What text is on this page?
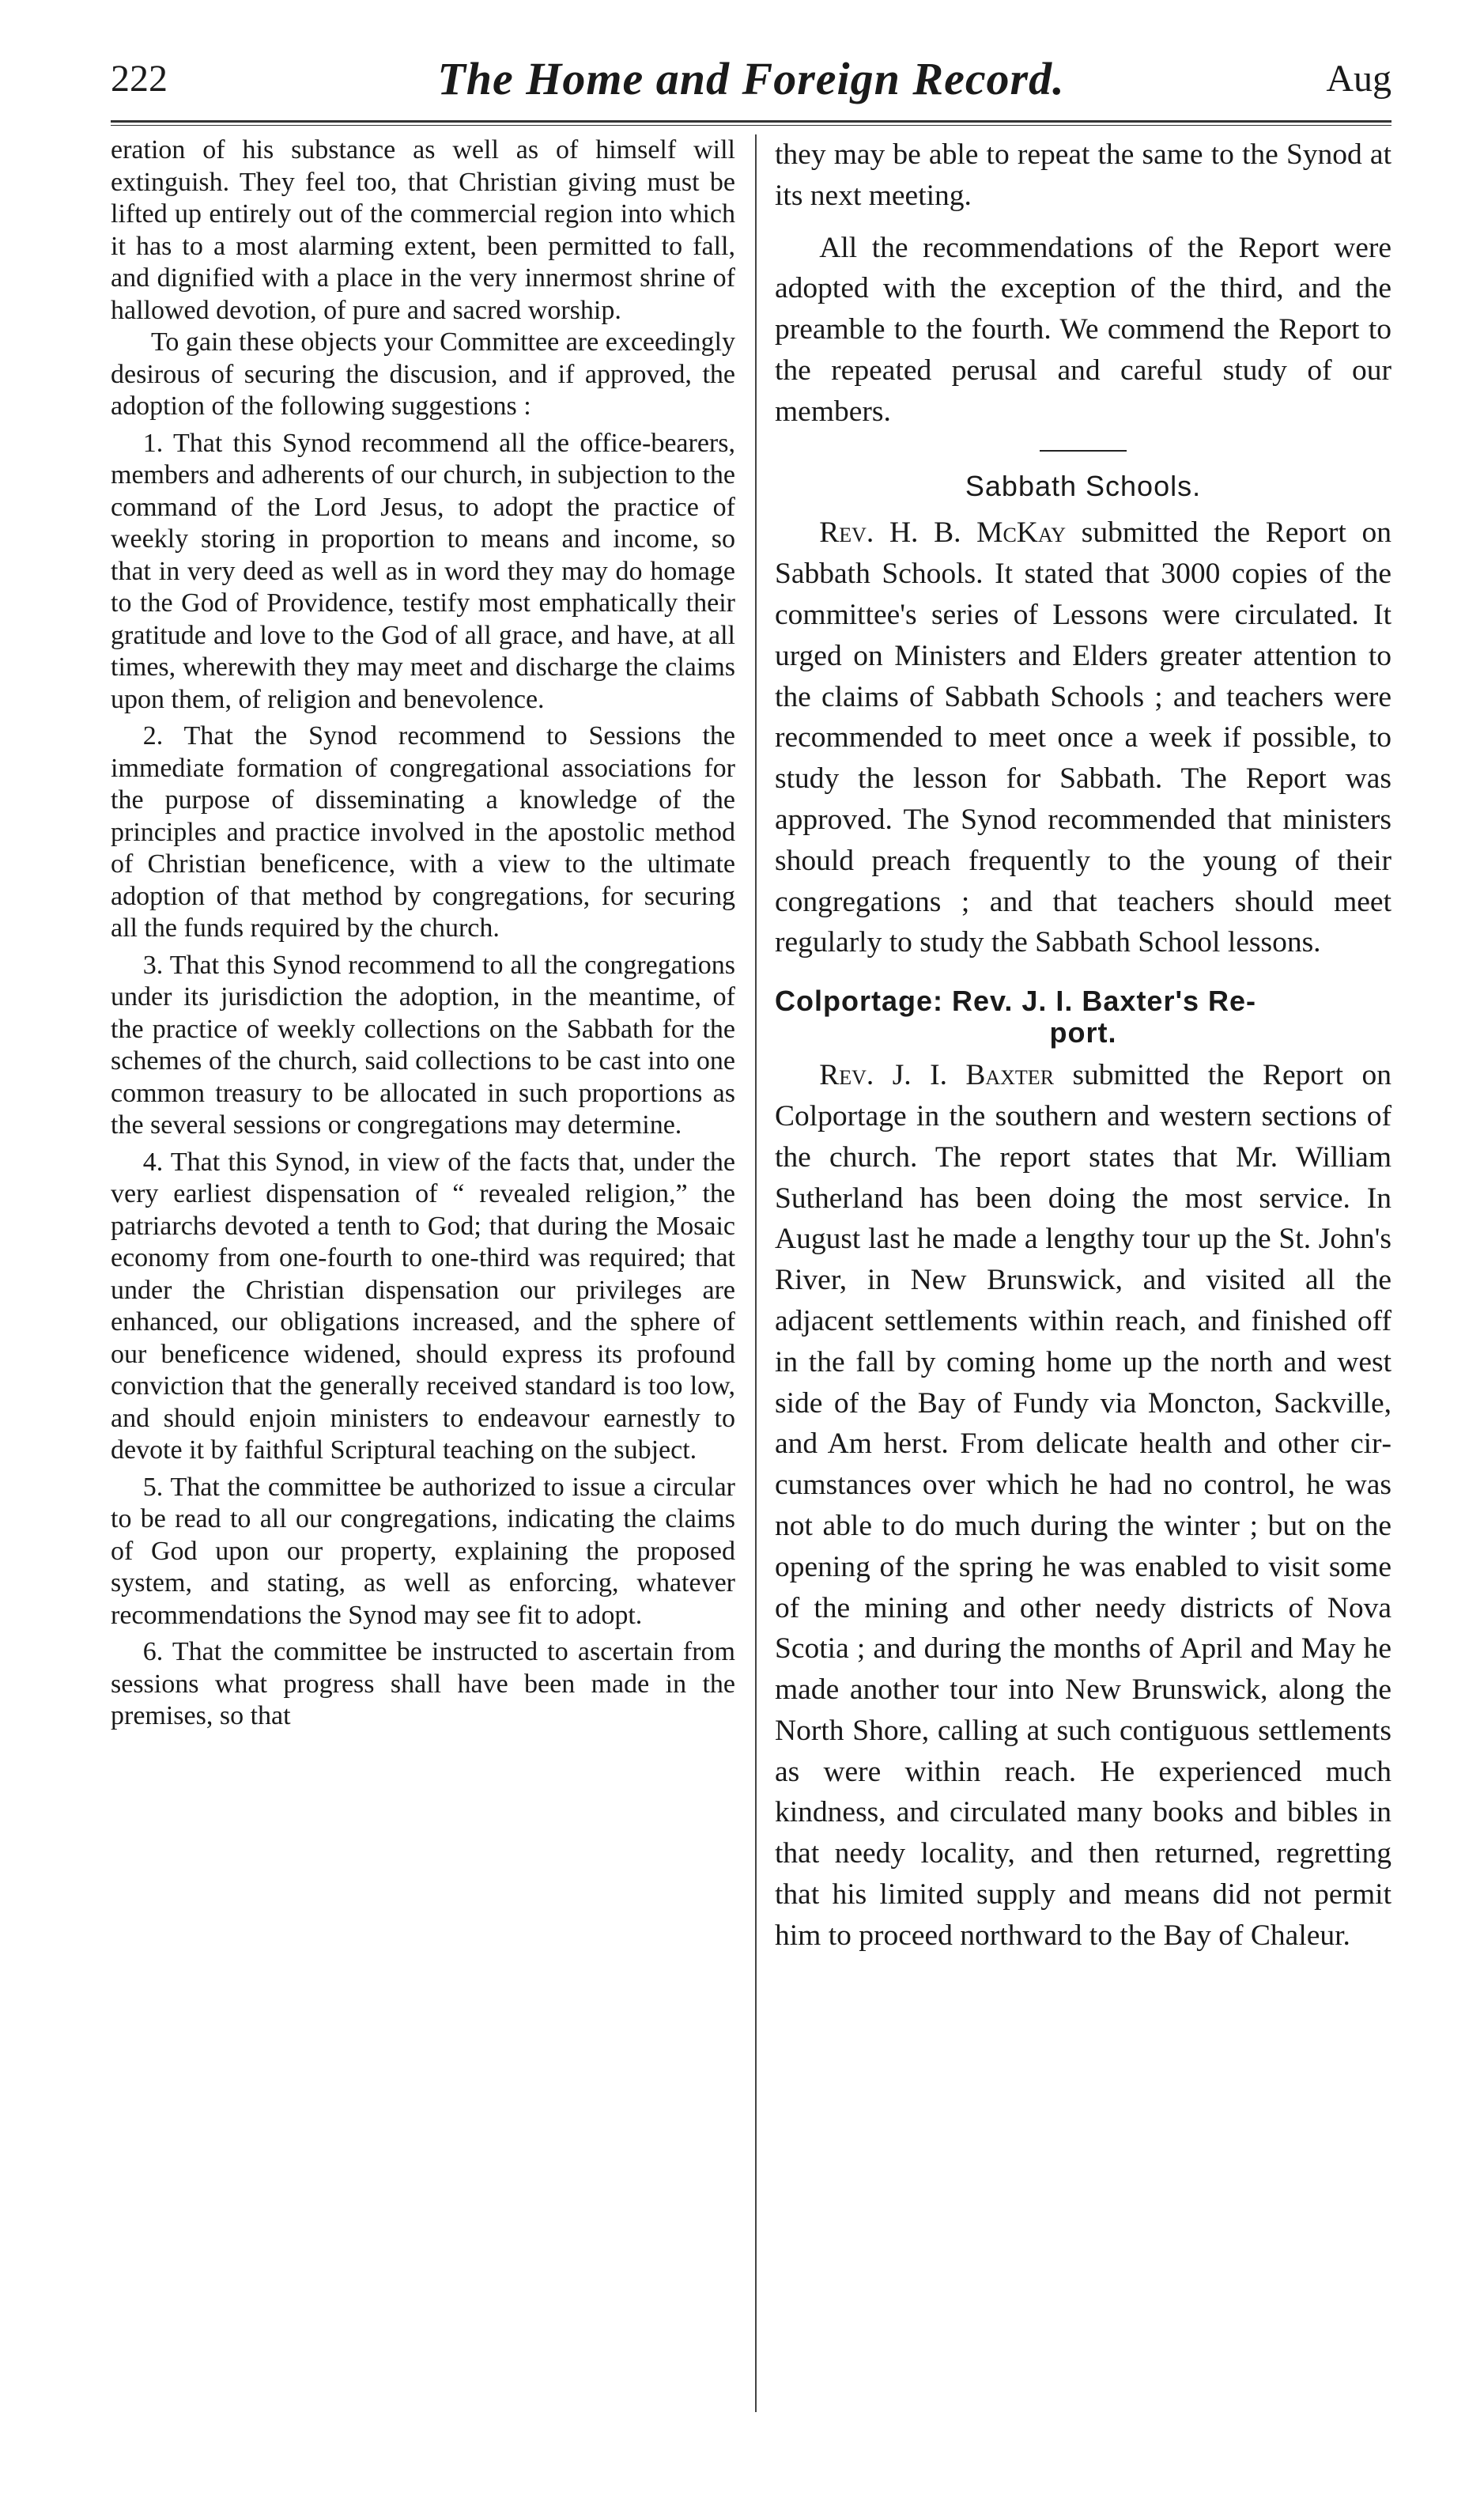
222	The Home and Foreign Record.	Aug

eration of his substance as well as of himself will extinguish. They feel too, that Christian giving must be lifted up entirely out of the commercial region into which it has to a most alarming extent, been permitted to fall, and dignified with a place in the very innermost shrine of hallowed devotion, of pure and sacred worship.

To gain these objects your Committee are exceedingly desirous of securing the discusion, and if approved, the adoption of the following suggestions :

1. That this Synod recommend all the office-bearers, members and adherents of our church, in subjection to the command of the Lord Jesus, to adopt the practice of weekly storing in proportion to means and income, so that in very deed as well as in word they may do homage to the God of Providence, testify most emphatically their gratitude and love to the God of all grace, and have, at all times, wherewith they may meet and discharge the claims upon them, of religion and benevolence.

2. That the Synod recommend to Sessions the immediate formation of congregational associations for the purpose of disseminating a knowledge of the principles and practice involved in the apostolic method of Christian beneficence, with a view to the ultimate adoption of that method by congregations, for securing all the funds required by the church.

3. That this Synod recommend to all the congregations under its jurisdiction the adoption, in the meantime, of the practice of weekly collections on the Sabbath for the schemes of the church, said collections to be cast into one common treasury to be allocated in such proportions as the several sessions or congregations may determine.

4. That this Synod, in view of the facts that, under the very earliest dispensation of “ revealed religion,” the patriarchs devoted a tenth to God; that during the Mosaic economy from one-fourth to one-third was required; that under the Christian dispensation our privileges are enhanced, our obligations increased, and the sphere of our beneficence widened, should express its profound conviction that the generally received standard is too low, and should enjoin ministers to endeavour earnestly to devote it by faithful Scriptural teaching on the subject.

5. That the committee be authorized to issue a circular to be read to all our congregations, indicating the claims of God upon our property, explaining the proposed system, and stating, as well as enforcing, whatever recommendations the Synod may see fit to adopt.

6. That the committee be instructed to ascertain from sessions what progress shall have been made in the premises, so that

they may be able to repeat the same to the Synod at its next meeting.

All the recommendations of the Report were adopted with the exception of the third, and the preamble to the fourth. We commend the Report to the repeated perusal and careful study of our members.

Sabbath Schools.

Rev. H. B. McKay submitted the Report on Sabbath Schools. It stated that 3000 copies of the committee's series of Lessons were circulated. It urged on Ministers and Elders greater attention to the claims of Sabbath Schools ; and teachers were recommended to meet once a week if possible, to study the lesson for Sabbath. The Report was approved. The Synod recommended that ministers should preach frequently to the young of their congregations ; and that teachers should meet regularly to study the Sabbath School lessons.

Colportage: Rev. J. I. Baxter's Re-
port.

Rev. J. I. Baxter submitted the Report on Colportage in the southern and western sections of the church. The report states that Mr. William Sutherland has been doing the most service. In August last he made a lengthy tour up the St. John's River, in New Brunswick, and visited all the adjacent settlements within reach, and finished off in the fall by coming home up the north and west side of the Bay of Fundy via Moncton, Sackville, and Am herst. From delicate health and other circumstances over which he had no control, he was not able to do much during the winter ; but on the opening of the spring he was enabled to visit some of the mining and other needy districts of Nova Scotia ; and during the months of April and May he made another tour into New Brunswick, along the North Shore, calling at such contiguous settlements as were within reach. He experienced much kindness, and circulated many books and bibles in that needy locality, and then returned, regretting that his limited supply and means did not permit him to proceed northward to the Bay of Chaleur.
